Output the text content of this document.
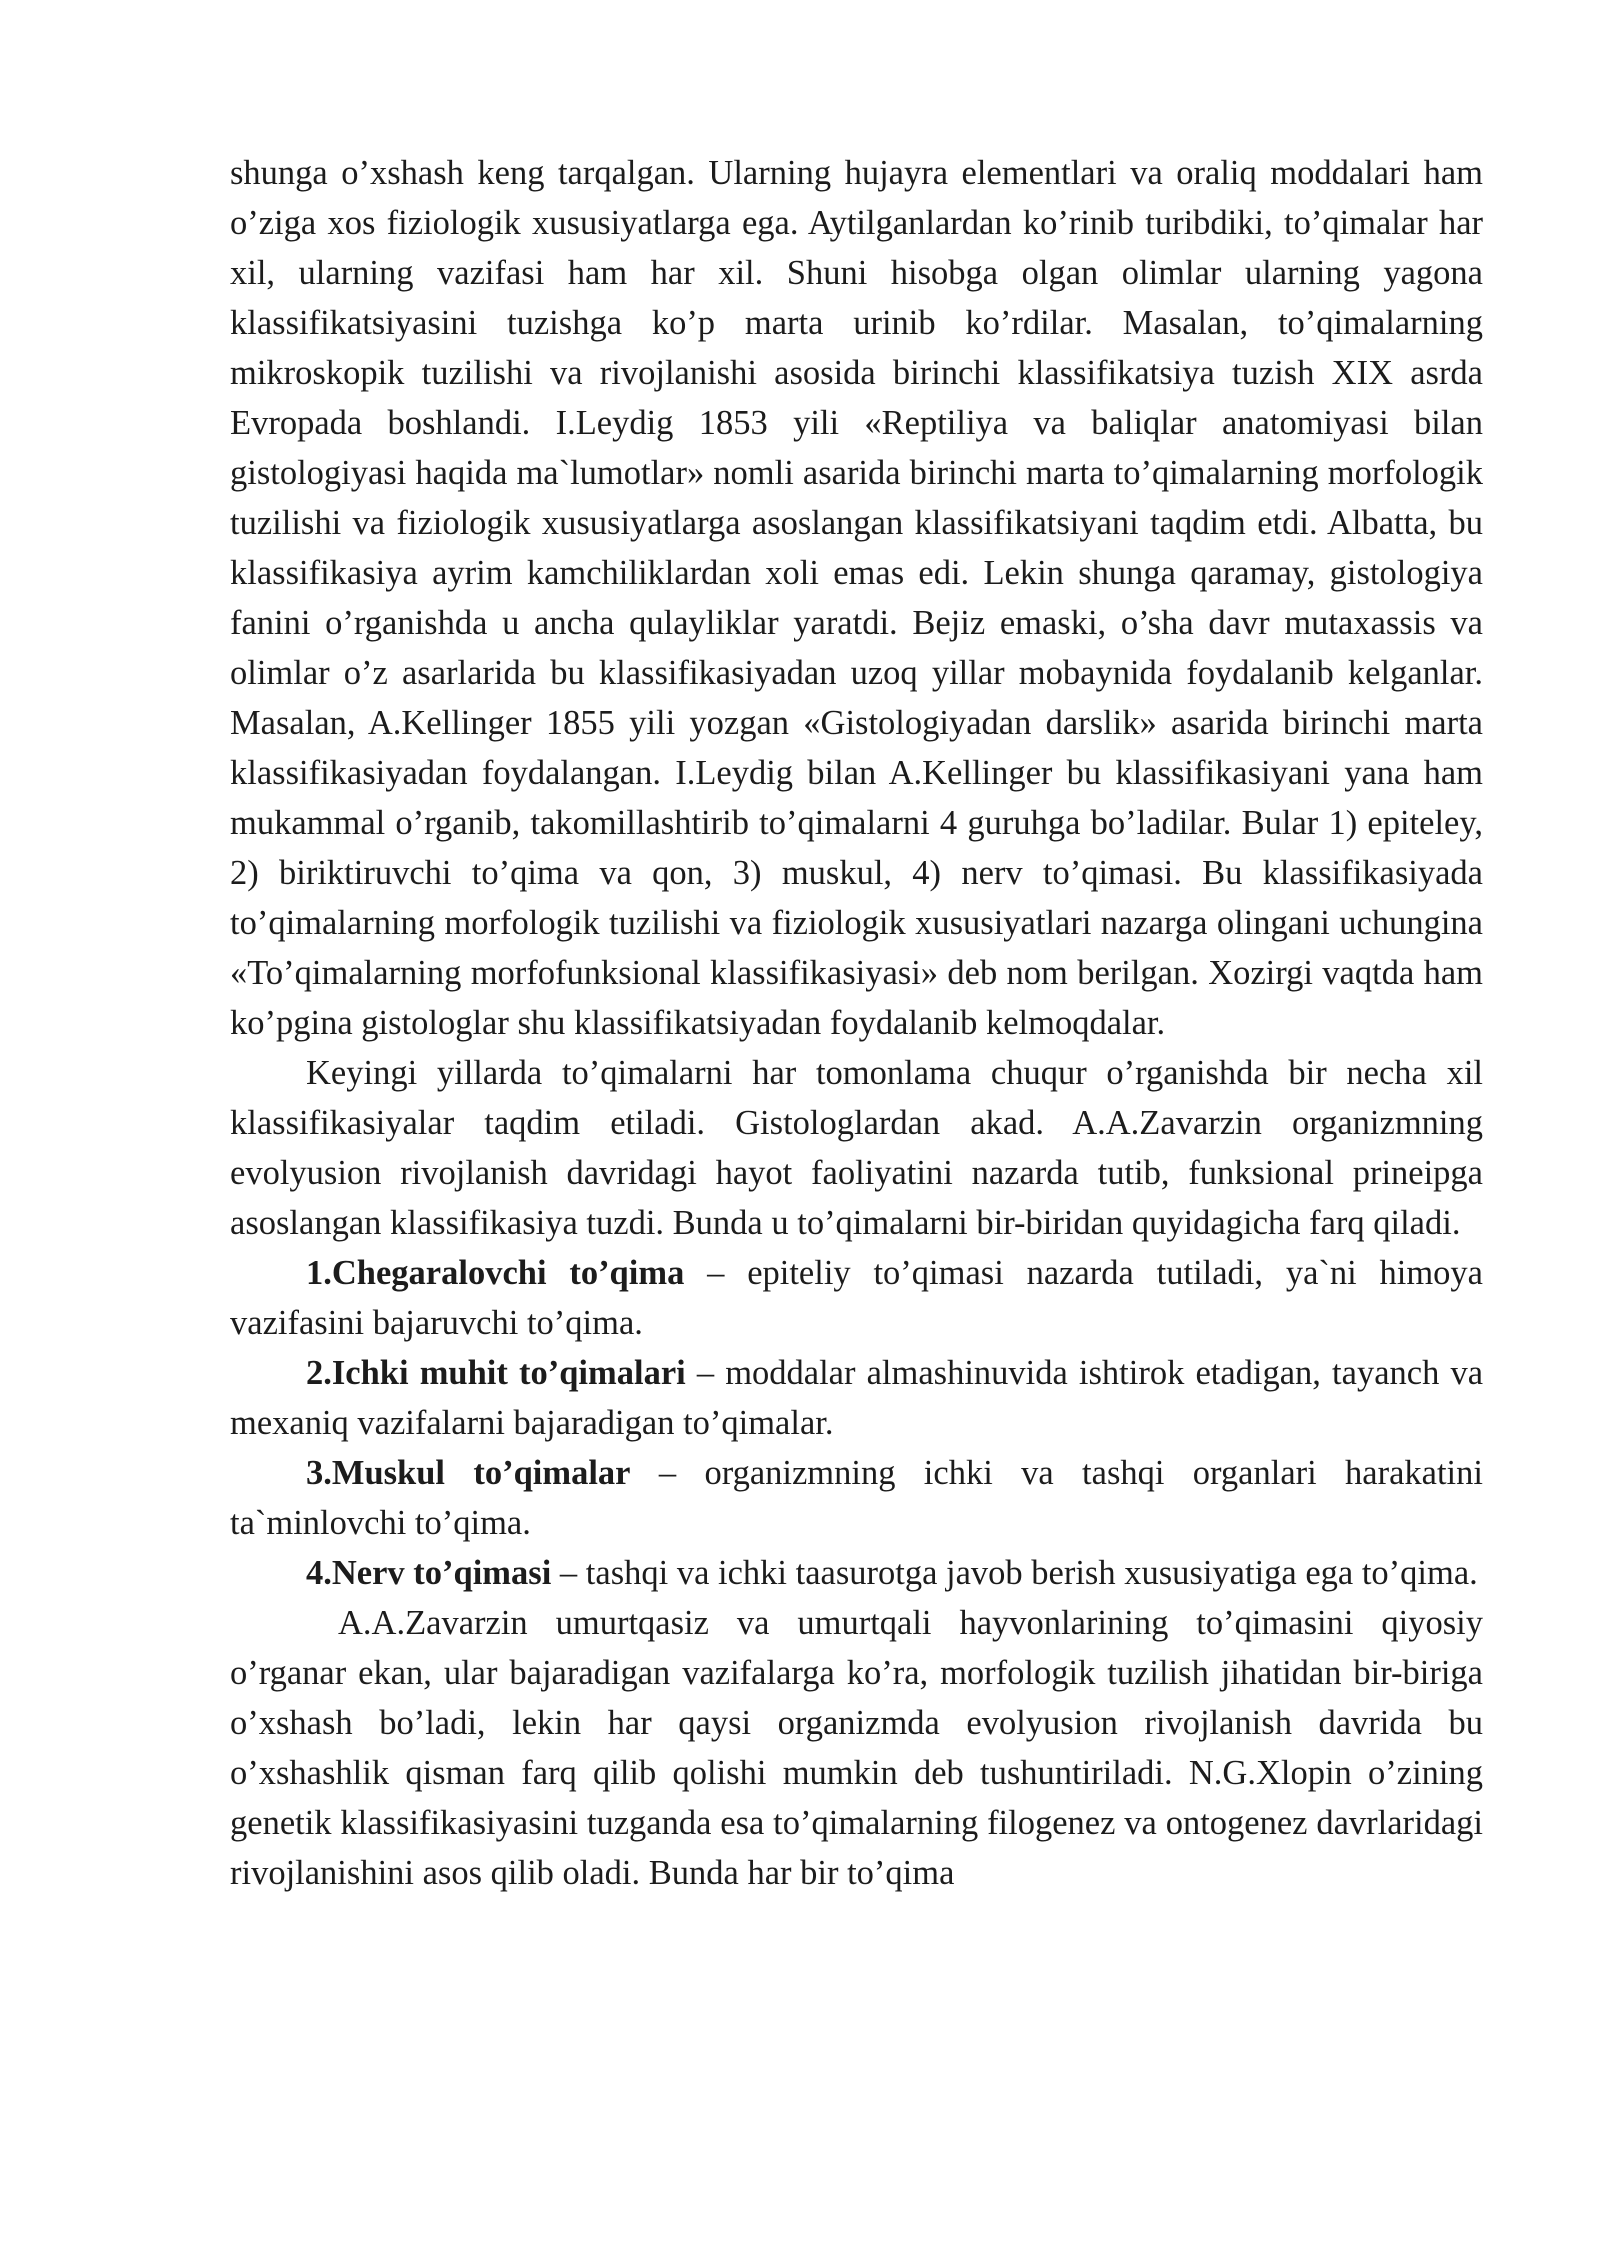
shunga o’xshash keng tarqalgan. Ularning hujayra elementlari va oraliq moddalari ham o’ziga xos fiziologik xususiyatlarga ega. Aytilganlardan ko’rinib turibdiki, to’qimalar har xil, ularning vazifasi ham har xil. Shuni hisobga olgan olimlar ularning yagona klassifikatsiyasini tuzishga ko’p marta urinib ko’rdilar. Masalan, to’qimalarning mikroskopik tuzilishi va rivojlanishi asosida birinchi klassifikatsiya tuzish XIX asrda Evropada boshlandi. I.Leydig 1853 yili «Reptiliya va baliqlar anatomiyasi bilan gistologiyasi haqida ma`lumotlar» nomli asarida birinchi marta to’qimalarning morfologik tuzilishi va fiziologik xususiyatlarga asoslangan klassifikatsiyani taqdim etdi. Albatta, bu klassifikasiya ayrim kamchiliklardan xoli emas edi. Lekin shunga qaramay, gistologiya fanini o’rganishda u ancha qulayliklar yaratdi. Bejiz emaski, o’sha davr mutaxassis va olimlar o’z asarlarida bu klassifikasiyadan uzoq yillar mobaynida foydalanib kelganlar. Masalan, A.Kellinger 1855 yili yozgan «Gistologiyadan darslik» asarida birinchi marta klassifikasiyadan foydalangan. I.Leydig bilan A.Kellinger bu klassifikasiyani yana ham mukammal o’rganib, takomillashtirib to’qimalarni 4 guruhga bo’ladilar. Bular 1) epiteley, 2) biriktiruvchi to’qima va qon, 3) muskul, 4) nerv to’qimasi. Bu klassifikasiyada to’qimalarning morfologik tuzilishi va fiziologik xususiyatlari nazarga olingani uchungina «To’qimalarning morfofunksional klassifikasiyasi» deb nom berilgan. Xozirgi vaqtda ham ko’pgina gistologlar shu klassifikatsiyadan foydalanib kelmoqdalar.

Keyingi yillarda to’qimalarni har tomonlama chuqur o’rganishda bir necha xil klassifikasiyalar taqdim etiladi. Gistologlardan akad. A.A.Zavarzin organizmning evolyusion rivojlanish davridagi hayot faoliyatini nazarda tutib, funksional prineipga asoslangan klassifikasiya tuzdi. Bunda u to’qimalarni bir-biridan quyidagicha farq qiladi.

1.Chegaralovchi to’qima – epiteliy to’qimasi nazarda tutiladi, ya`ni himoya vazifasini bajaruvchi to’qima.

2.Ichki muhit to’qimalari – moddalar almashinuvida ishtirok etadigan, tayanch va mexaniq vazifalarni bajaradigan to’qimalar.

3.Muskul to’qimalar – organizmning ichki va tashqi organlari harakatini ta`minlovchi to’qima.

4.Nerv to’qimasi – tashqi va ichki taasurotga javob berish xususiyatiga ega to’qima.

A.A.Zavarzin umurtqasiz va umurtqali hayvonlarining to’qimasini qiyosiy o’rganar ekan, ular bajaradigan vazifalarga ko’ra, morfologik tuzilish jihatidan bir-biriga o’xshash bo’ladi, lekin har qaysi organizmda evolyusion rivojlanish davrida bu o’xshashlik qisman farq qilib qolishi mumkin deb tushuntiriladi. N.G.Xlopin o’zining genetik klassifikasiyasini tuzganda esa to’qimalarning filogenez va ontogenez davrlaridagi rivojlanishini asos qilib oladi. Bunda har bir to’qima
